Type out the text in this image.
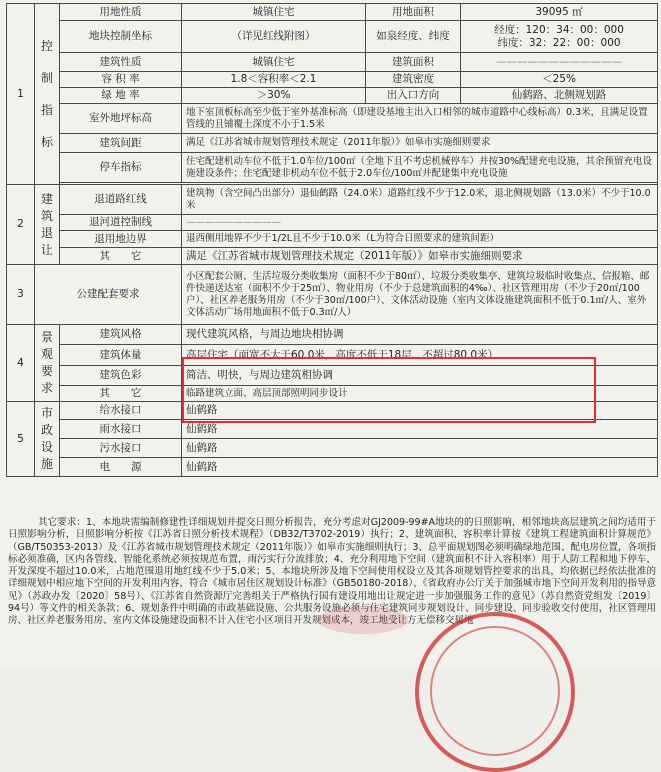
1	控
制
指
标	用地性质	城镇住宅	用地面积	39095 ㎡
		地块控制坐标	（详见红线附图）	如泉经度、纬度	经度：120：34：00：000
纬度：32：22：00：000

		建筑性质	城镇住宅	建筑面积	————————————
		容 积 率	1.8＜容积率＜2.1	建筑密度	＜25%
		绿 地 率	＞30%	出入口方向	仙鹤路、北侧规划路
		室外地坪标高	地下室顶板标高至少低于室外基准标高（即建设基地主出入口相邻的城市道路中心线标高）0.3米，且满足设置管线的且铺覆土深度不小于1.5米		
		建筑间距	满足《江苏省城市规划管理技术规定（2011年版）》如皋市实施细则要求		
		停车指标	住宅配建机动车位不低于1.0车位/100㎡（全地下且不考虑机械停车）并按30%配建充电设施，其余预留充电设施建设条件；住宅配建非机动车位不低于2.0车位/100㎡并配建集中充电设施		

2	建
筑
退
让	退道路红线	建筑物（含空间凸出部分）退仙鹤路（24.0米）道路红线不少于12.0米，退北侧规划路（13.0米）不少于10.0米		
		退河道控制线	——————————		
		退用地边界	退西侧用地界不少于1/2L且不少于10.0米（L为符合日照要求的建筑间距）		
		其　　它	满足《江苏省城市规划管理技术规定（2011年版）》如皋市实施细则要求		
3	公建配套要求		小区配套公厕、生活垃圾分类收集房（面积不少于80㎡）、垃圾分类收集亭、建筑垃圾临时收集点、信报箱、邮件快递送达室（面积不少于25㎡）、物业用房（不少于总建筑面积的4‰）、社区管理用房（不少于20㎡/100户）、社区养老服务用房（不少于30㎡/100户）、文体活动设施（室内文体设施建筑面积不低于0.1㎡/人、室外文体活动广场用地面积不低于0.3㎡/人）		
4	景
观
要
求	建筑风格	现代建筑风格，与周边地块相协调		
		建筑体量	高层住宅（面宽不大于60.0米，高度不低于18层、不超过80.0米）		
		建筑色彩	简洁、明快，与周边建筑相协调		
		其　　它	临路建筑立面、高层顶部照明同步设计		
5	市
政
设
施	给水接口	仙鹤路		
		雨水接口	仙鹤路		
		污水接口	仙鹤路		
		电　　源	仙鹤路		

其它要求：1、本地块需编制修建性详细规划并提交日照分析报告，充分考虑对GJ2009-99#A地块的的日照影响，相邻地块高层建筑之间均适用于日照影响分析，日照影响分析按《江苏省日照分析技术规程》（DB32/T3702-2019）执行；2、建筑面积、容积率计算按《建筑工程建筑面积计算规范》（GB/T50353-2013）及《江苏省城市规划管理技术规定（2011年版）》如皋市实施细则执行；3、总平面规划图必须明确绿地范围、配电房位置，各项指标必须准确，区内各管线、智能化系统必须按规范布置，雨污实行分流排放；4、充分利用地下空间（建筑面积不计入容积率）用于人防工程和地下停车，开发深度不超过10.0米，占地范围退用地红线不少于5.0米；5、本地块所涉及地下空间使用权设立及其各项规划管控要求的出具，均依据已经依法批准的详细规划中相应地下空间的开发利用内容，符合《城市居住区规划设计标准》（GB50180-2018）、《省政府办公厅关于加强城市地下空间开发利用的指导意见》（苏政办发〔2020〕58号）、《江苏省自然资源厅完善组关于严格执行国有建设用地出让规定进一步加强服务工作的意见》（苏自然资党组发〔2019〕94号）等文件的相关条款；6、规划条件中明确的市政基础设施、公共服务设施必须与住宅建筑同步规划设计、同步建设、同步验收交付使用，社区管理用房、社区养老服务用房、室内文体设施建设面积不计入住宅小区项目开发规划成本，竣工地受让方无偿移交属地
